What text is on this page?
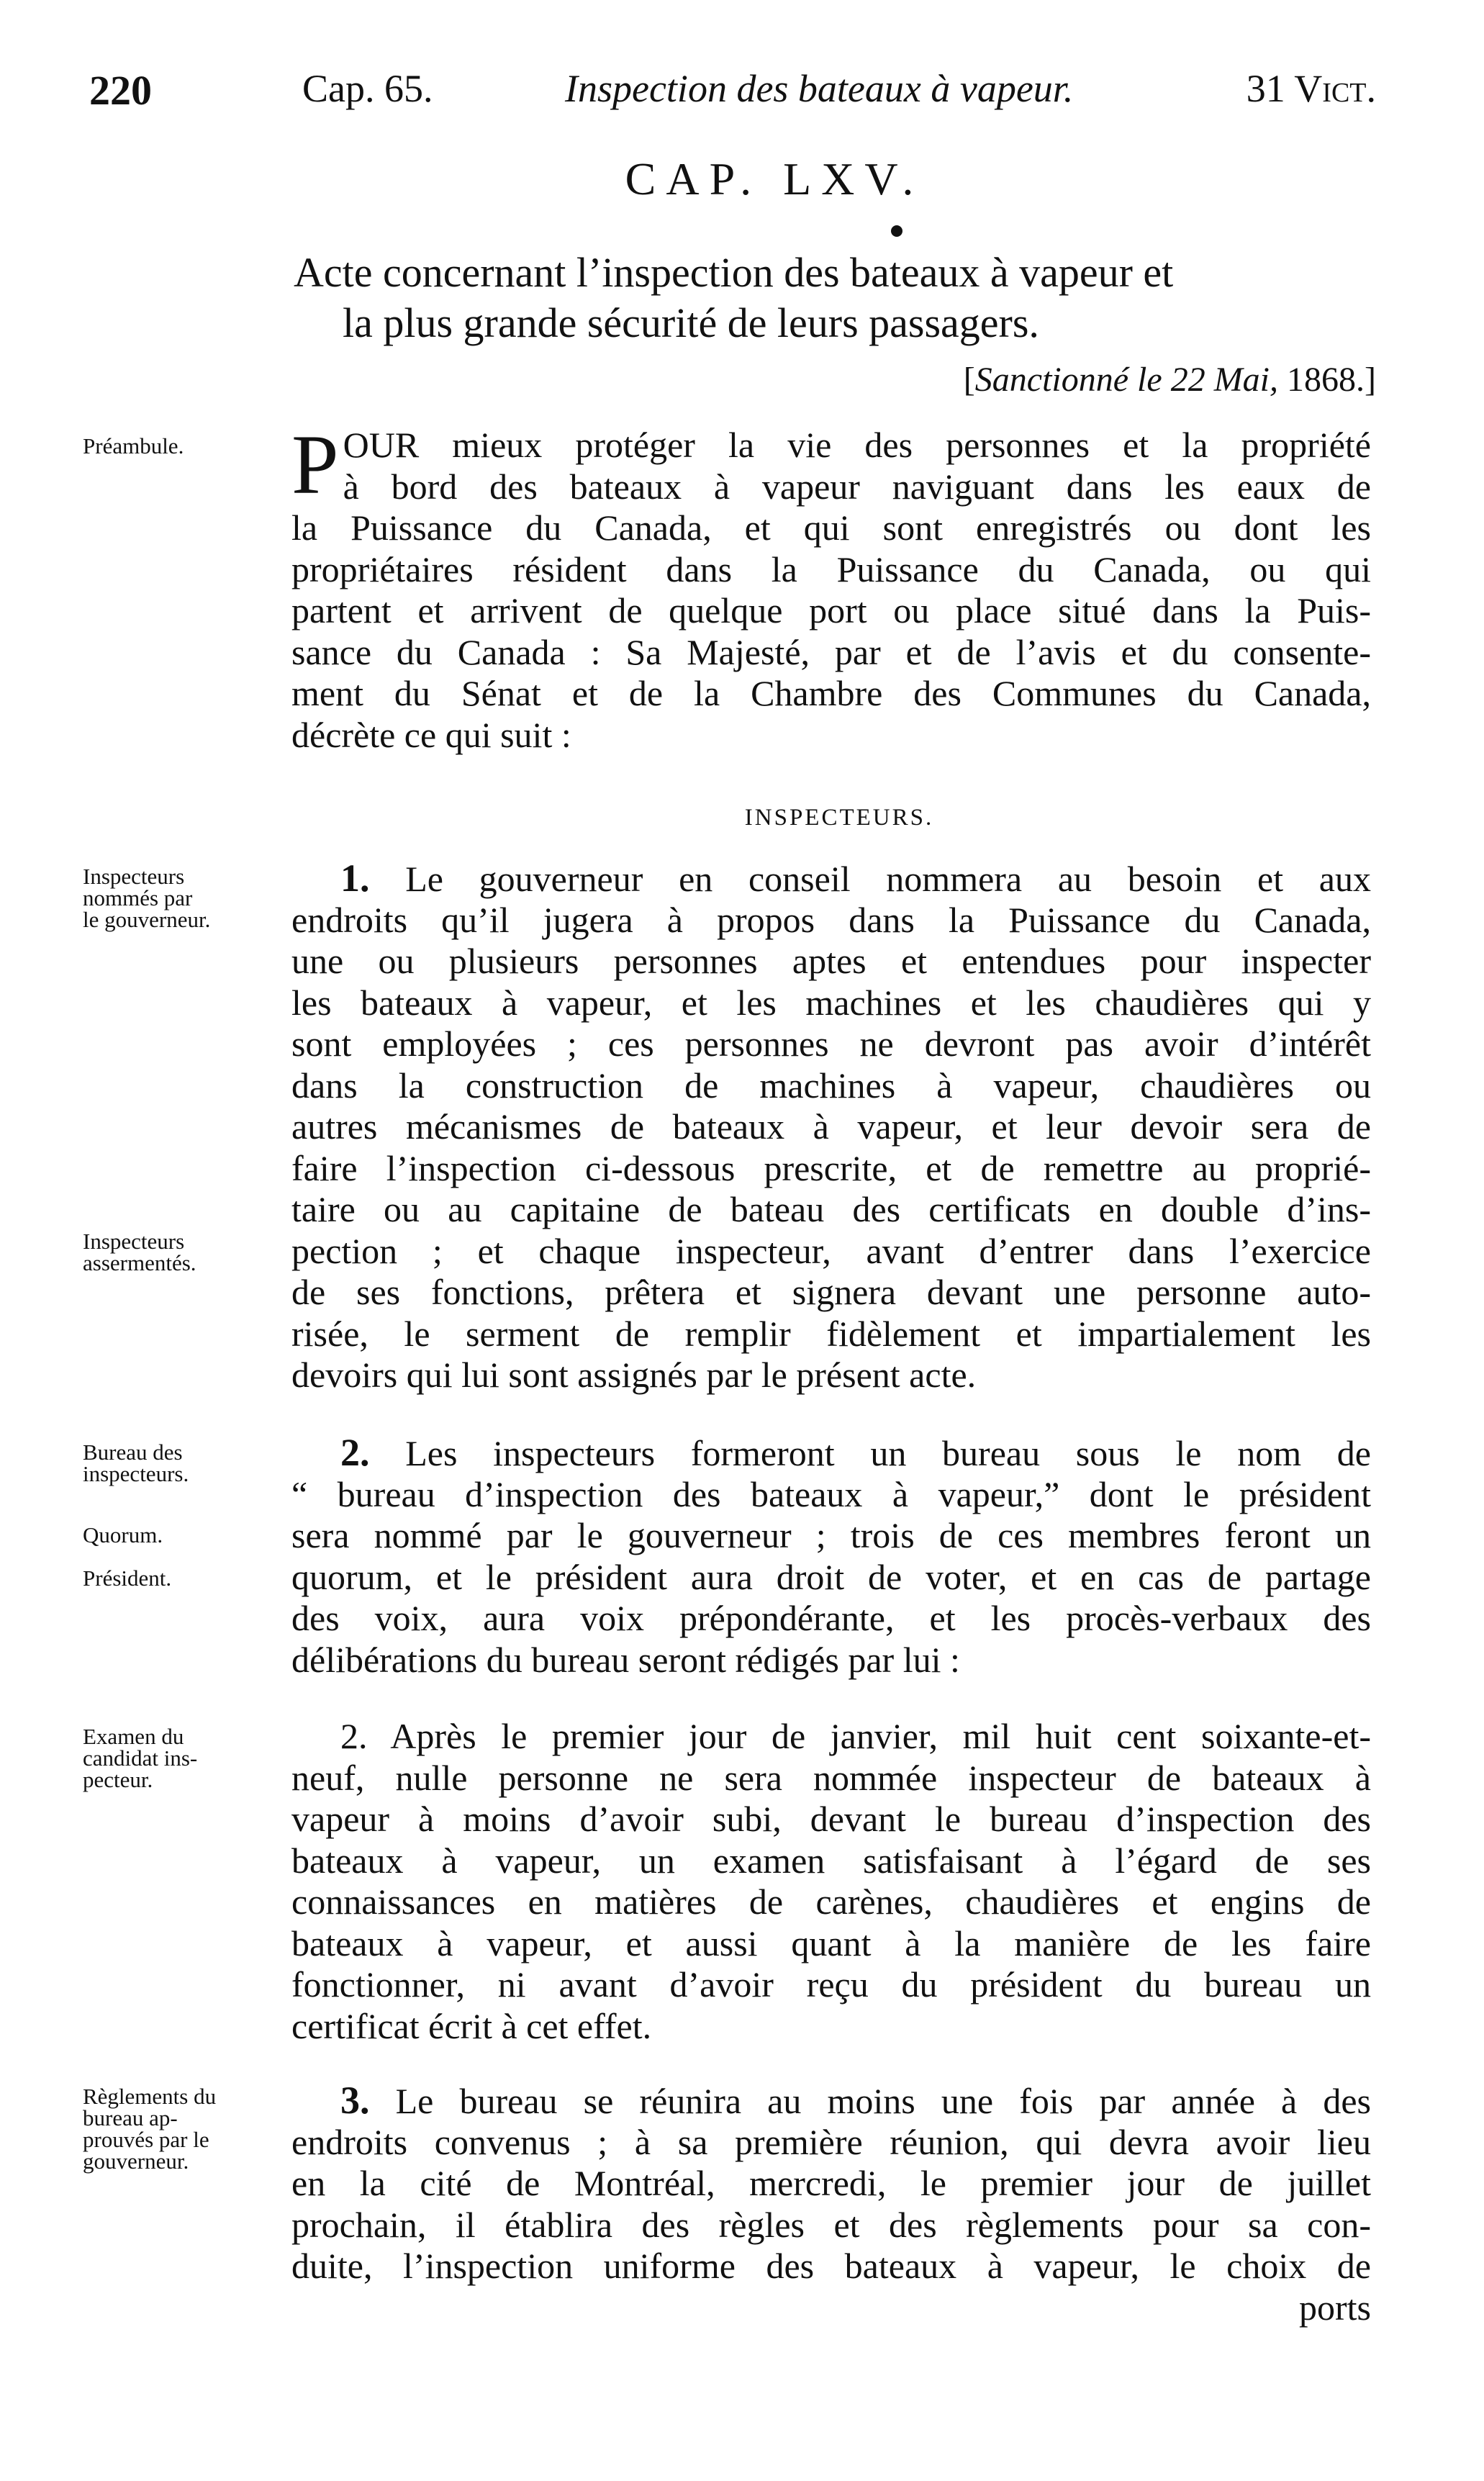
220	Cap. 65.	Inspection des bateaux à vapeur.	31 Vict.
CAP. LXV.
Acte concernant l’inspection des bateaux à vapeur et
la plus grande sécurité de leurs passagers.
[Sanctionné le 22 Mai, 1868.]
Préambule.	P OUR mieux protéger la vie des personnes et la propriété
à bord des bateaux à vapeur naviguant dans les eaux de
la Puissance du Canada, et qui sont enregistrés ou dont les
propriétaires résident dans la Puissance du Canada, ou qui
partent et arrivent de quelque port ou place situé dans la Puis-
sance du Canada : Sa Majesté, par et de l’avis et du consente-
ment du Sénat et de la Chambre des Communes du Canada,
décrète ce qui suit :
INSPECTEURS.
Inspecteurs
nommés par
le gouverneur.
Inspecteurs
assermentés.
1. Le gouverneur en conseil nommera au besoin et aux
endroits qu’il jugera à propos dans la Puissance du Canada,
une ou plusieurs personnes aptes et entendues pour inspecter
les bateaux à vapeur, et les machines et les chaudières qui y
sont employées ; ces personnes ne devront pas avoir d’intérêt
dans la construction de machines à vapeur, chaudières ou
autres mécanismes de bateaux à vapeur, et leur devoir sera de
faire l’inspection ci-dessous prescrite, et de remettre au proprié-
taire ou au capitaine de bateau des certificats en double d’ins-
pection ; et chaque inspecteur, avant d’entrer dans l’exercice
de ses fonctions, prêtera et signera devant une personne auto-
risée, le serment de remplir fidèlement et impartialement les
devoirs qui lui sont assignés par le présent acte.
Bureau des
inspecteurs.
Quorum.
Président.
2. Les inspecteurs formeront un bureau sous le nom de
“ bureau d’inspection des bateaux à vapeur,” dont le président
sera nommé par le gouverneur ; trois de ces membres feront un
quorum, et le président aura droit de voter, et en cas de partage
des voix, aura voix prépondérante, et les procès-verbaux des
délibérations du bureau seront rédigés par lui :
Examen du
candidat ins-
pecteur.
2. Après le premier jour de janvier, mil huit cent soixante-et-
neuf, nulle personne ne sera nommée inspecteur de bateaux à
vapeur à moins d’avoir subi, devant le bureau d’inspection des
bateaux à vapeur, un examen satisfaisant à l’égard de ses
connaissances en matières de carènes, chaudières et engins de
bateaux à vapeur, et aussi quant à la manière de les faire
fonctionner, ni avant d’avoir reçu du président du bureau un
certificat écrit à cet effet.
Règlements du
bureau ap-
prouvés par le
gouverneur.
3. Le bureau se réunira au moins une fois par année à des
endroits convenus ; à sa première réunion, qui devra avoir lieu
en la cité de Montréal, mercredi, le premier jour de juillet
prochain, il établira des règles et des règlements pour sa con-
duite, l’inspection uniforme des bateaux à vapeur, le choix de
ports
